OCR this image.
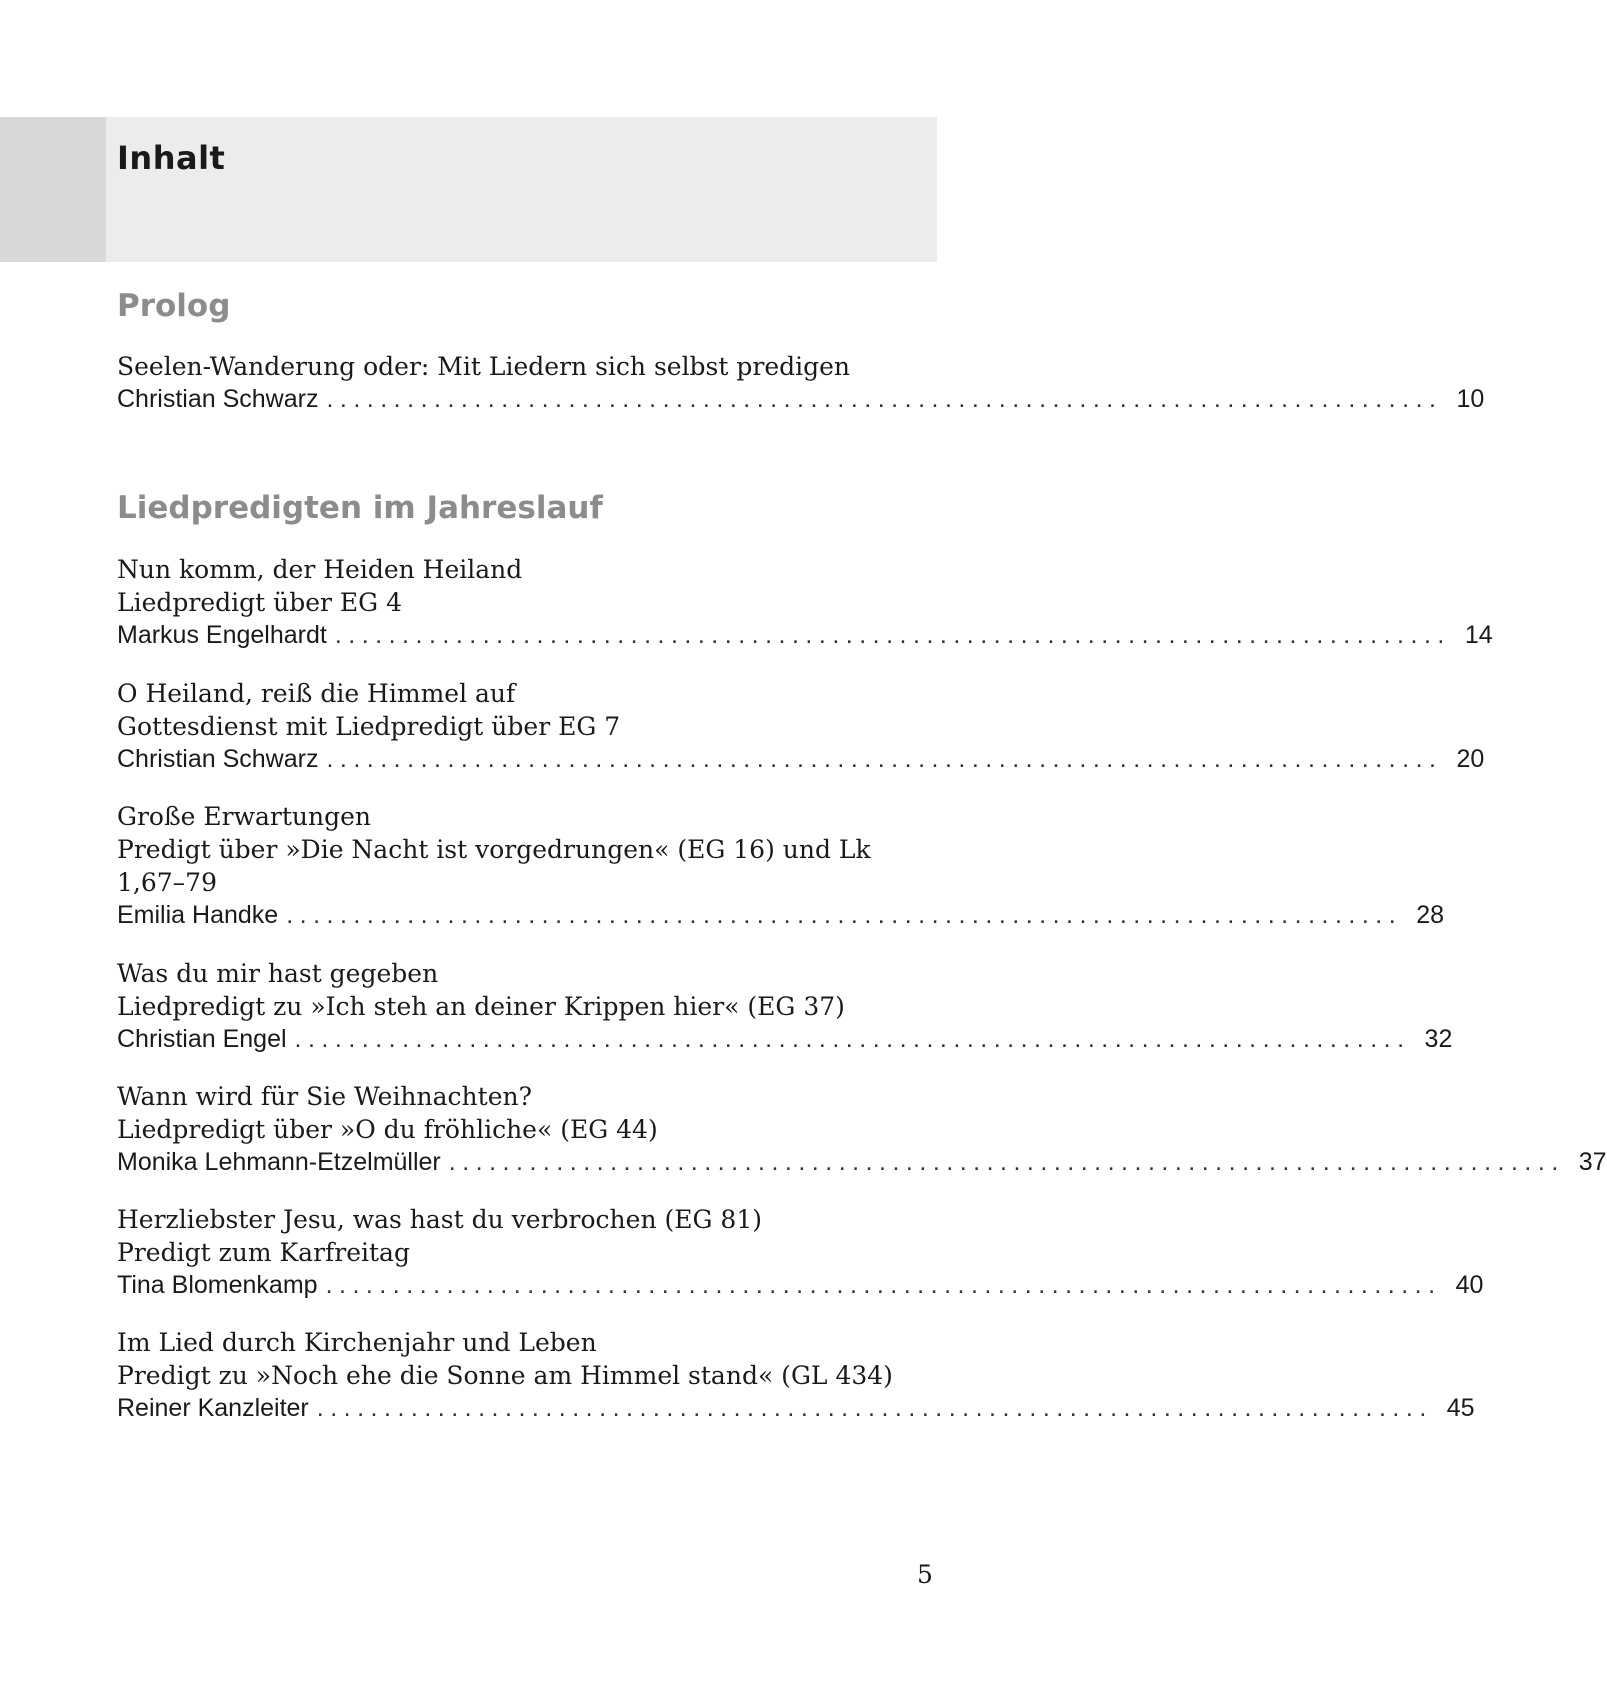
Inhalt
Prolog
Seelen-Wanderung oder: Mit Liedern sich selbst predigen
Christian Schwarz ................................................................................... 10
Liedpredigten im Jahreslauf
Nun komm, der Heiden Heiland
Liedpredigt über EG 4
Markus Engelhardt ................................................................................... 14
O Heiland, reiß die Himmel auf
Gottesdienst mit Liedpredigt über EG 7
Christian Schwarz ................................................................................... 20
Große Erwartungen
Predigt über »Die Nacht ist vorgedrungen« (EG 16) und Lk
1,67–79
Emilia Handke ................................................................................... 28
Was du mir hast gegeben
Liedpredigt zu »Ich steh an deiner Krippen hier« (EG 37)
Christian Engel ................................................................................... 32
Wann wird für Sie Weihnachten?
Liedpredigt über »O du fröhliche« (EG 44)
Monika Lehmann-Etzelmüller ................................................................................... 37
Herzliebster Jesu, was hast du verbrochen (EG 81)
Predigt zum Karfreitag
Tina Blomenkamp ................................................................................... 40
Im Lied durch Kirchenjahr und Leben
Predigt zu »Noch ehe die Sonne am Himmel stand« (GL 434)
Reiner Kanzleiter ................................................................................... 45
5
